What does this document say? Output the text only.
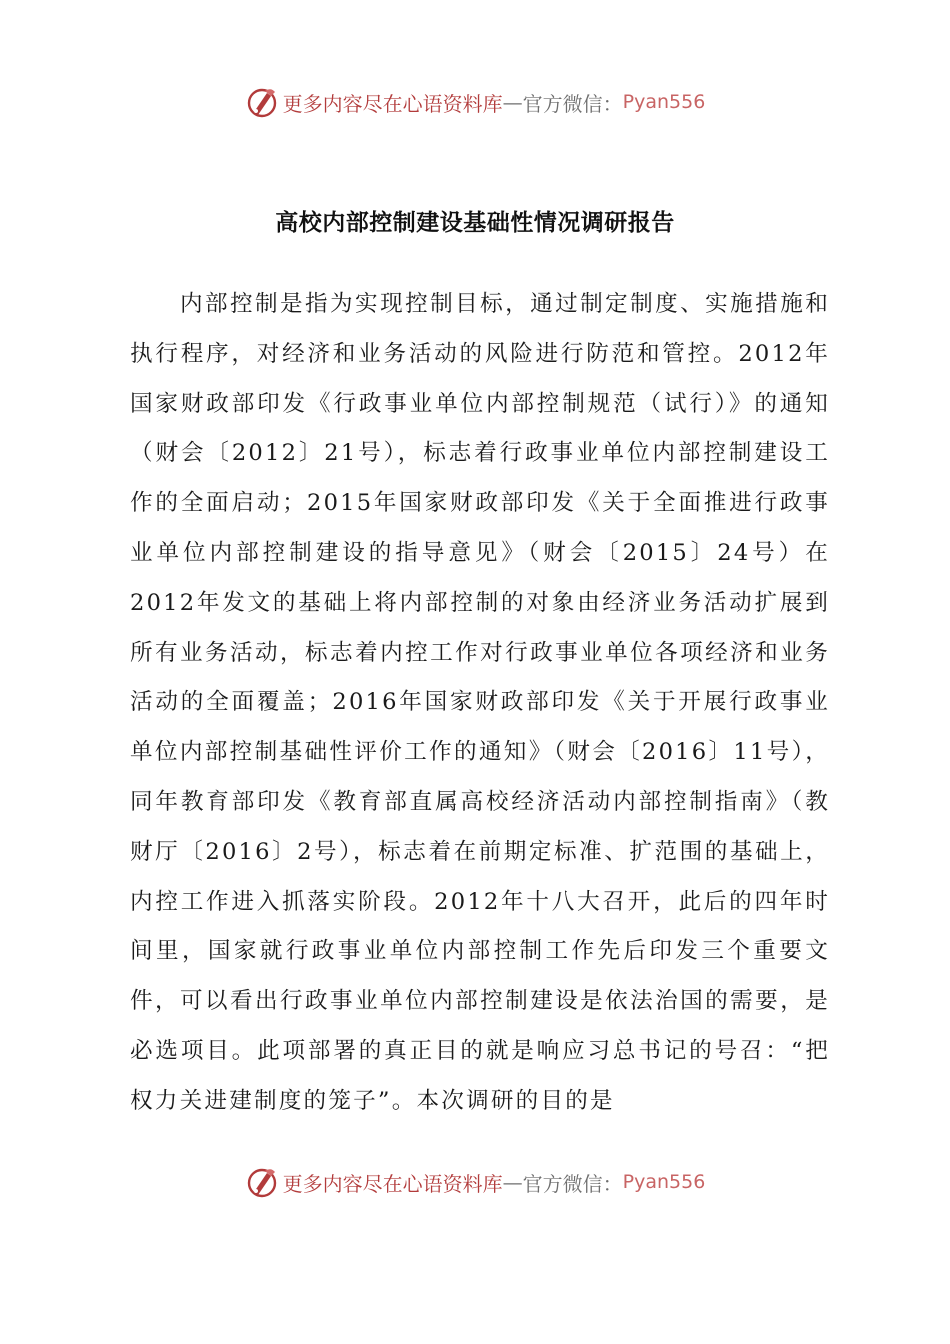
更多内容尽在心语资料库 — 官方微信： Pyan556
高校内部控制建设基础性情况调研报告

内部控制是指为实现控制目标，通过制定制度、实施措施和执行程序，对经济和业务活动的风险进行防范和管控。2012年国家财政部印发《行政事业单位内部控制规范（试行）》的通知（财会〔2012〕21号），标志着行政事业单位内部控制建设工作的全面启动；2015年国家财政部印发《关于全面推进行政事业单位内部控制建设的指导意见》（财会〔2015〕24号）在2012年发文的基础上将内部控制的对象由经济业务活动扩展到所有业务活动，标志着内控工作对行政事业单位各项经济和业务活动的全面覆盖；2016年国家财政部印发《关于开展行政事业单位内部控制基础性评价工作的通知》（财会〔2016〕11号），同年教育部印发《教育部直属高校经济活动内部控制指南》（教财厅〔2016〕2号），标志着在前期定标准、扩范围的基础上，内控工作进入抓落实阶段。2012年十八大召开，此后的四年时间里，国家就行政事业单位内部控制工作先后印发三个重要文件，可以看出行政事业单位内部控制建设是依法治国的需要，是必选项目。此项部署的真正目的就是响应习总书记的号召：“把权力关进建制度的笼子”。本次调研的目的是

更多内容尽在心语资料库 — 官方微信： Pyan556
